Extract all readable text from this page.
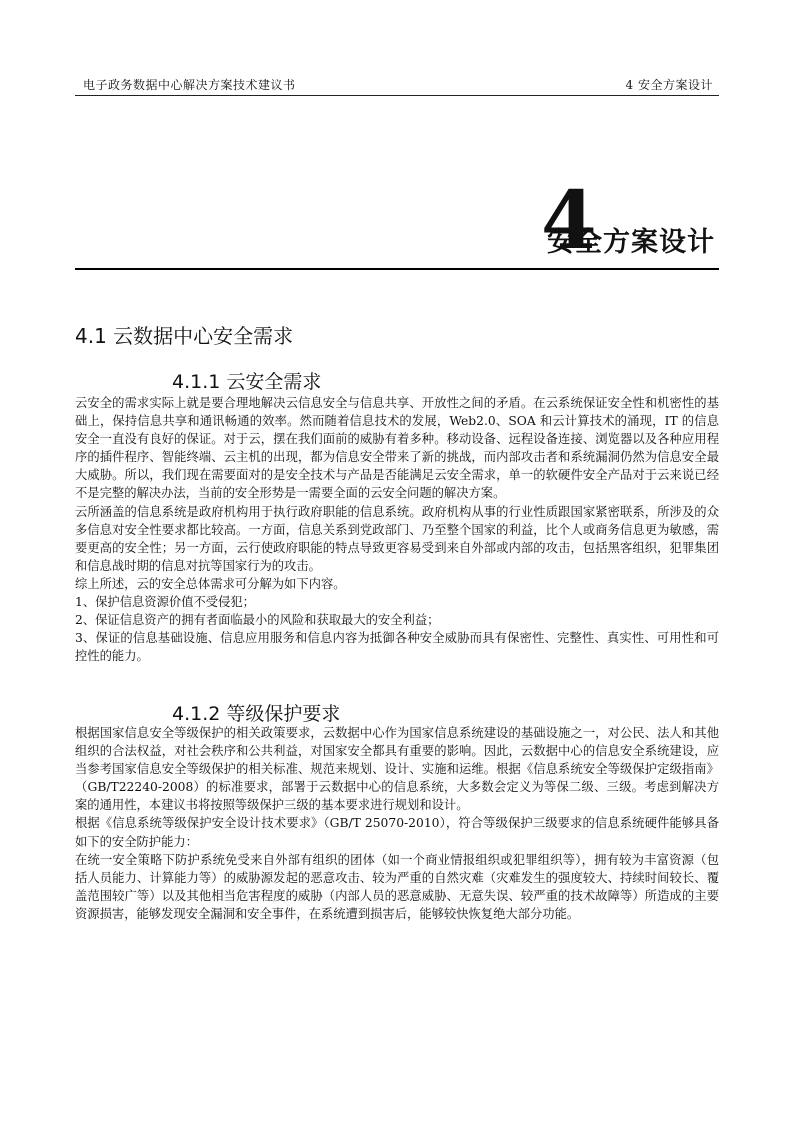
电子政务数据中心解决方案技术建议书	4 安全方案设计
4
安全方案设计
4.1 云数据中心安全需求
4.1.1 云安全需求

云安全的需求实际上就是要合理地解决云信息安全与信息共享、开放性之间的矛盾。在云系统保证安全性和机密性的基础上，保持信息共享和通讯畅通的效率。然而随着信息技术的发展，Web2.0、SOA 和云计算技术的涌现，IT 的信息安全一直没有良好的保证。对于云，摆在我们面前的威胁有着多种。移动设备、远程设备连接、浏览器以及各种应用程序的插件程序、智能终端、云主机的出现，都为信息安全带来了新的挑战，而内部攻击者和系统漏洞仍然为信息安全最大威胁。所以，我们现在需要面对的是安全技术与产品是否能满足云安全需求，单一的软硬件安全产品对于云来说已经不是完整的解决办法，当前的安全形势是一需要全面的云安全问题的解决方案。

云所涵盖的信息系统是政府机构用于执行政府职能的信息系统。政府机构从事的行业性质跟国家紧密联系，所涉及的众多信息对安全性要求都比较高。一方面，信息关系到党政部门、乃至整个国家的利益，比个人或商务信息更为敏感，需要更高的安全性；另一方面，云行使政府职能的特点导致更容易受到来自外部或内部的攻击，包括黑客组织，犯罪集团和信息战时期的信息对抗等国家行为的攻击。

综上所述，云的安全总体需求可分解为如下内容。

1、保护信息资源价值不受侵犯；

2、保证信息资产的拥有者面临最小的风险和获取最大的安全利益；

3、保证的信息基础设施、信息应用服务和信息内容为抵御各种安全威胁而具有保密性、完整性、真实性、可用性和可控性的能力。

4.1.2 等级保护要求

根据国家信息安全等级保护的相关政策要求，云数据中心作为国家信息系统建设的基础设施之一，对公民、法人和其他组织的合法权益，对社会秩序和公共利益，对国家安全都具有重要的影响。因此，云数据中心的信息安全系统建设，应当参考国家信息安全等级保护的相关标准、规范来规划、设计、实施和运维。根据《信息系统安全等级保护定级指南》（GB/T22240-2008）的标准要求，部署于云数据中心的信息系统，大多数会定义为等保二级、三级。考虑到解决方案的通用性，本建议书将按照等级保护三级的基本要求进行规划和设计。

根据《信息系统等级保护安全设计技术要求》（GB/T 25070-2010），符合等级保护三级要求的信息系统硬件能够具备如下的安全防护能力：

在统一安全策略下防护系统免受来自外部有组织的团体（如一个商业情报组织或犯罪组织等），拥有较为丰富资源（包括人员能力、计算能力等）的威胁源发起的恶意攻击、较为严重的自然灾难（灾难发生的强度较大、持续时间较长、覆盖范围较广等）以及其他相当危害程度的威胁（内部人员的恶意威胁、无意失误、较严重的技术故障等）所造成的主要资源损害，能够发现安全漏洞和安全事件，在系统遭到损害后，能够较快恢复绝大部分功能。
